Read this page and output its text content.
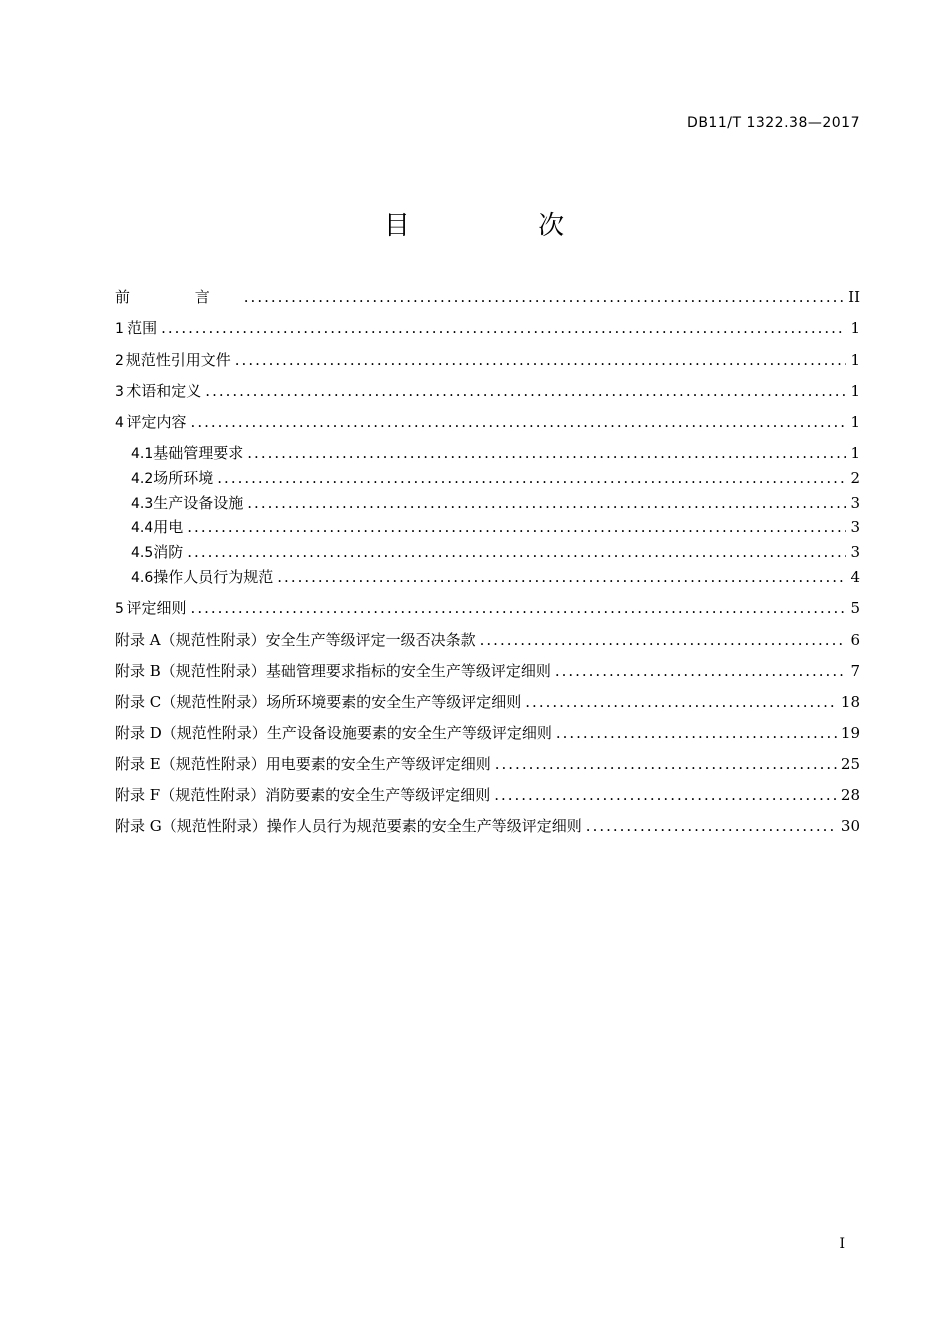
DB11/T 1322.38—2017
目 次
前 言 .....	II
1 范围 .....	1
2 规范性引用文件 .....	1
3 术语和定义 .....	1
4 评定内容 .....	1
4.1 基础管理要求 .....	1
4.2 场所环境 .....	2
4.3 生产设备设施 .....	3
4.4 用电 .....	3
4.5 消防 .....	3
4.6 操作人员行为规范 .....	4
5 评定细则 .....	5
附录 A （规范性附录） 安全生产等级评定一级否决条款 .....	6
附录 B （规范性附录） 基础管理要求指标的安全生产等级评定细则 .....	7
附录 C （规范性附录） 场所环境要素的安全生产等级评定细则 .....	18
附录 D （规范性附录） 生产设备设施要素的安全生产等级评定细则 .....	19
附录 E （规范性附录） 用电要素的安全生产等级评定细则 .....	25
附录 F （规范性附录） 消防要素的安全生产等级评定细则 .....	28
附录 G （规范性附录） 操作人员行为规范要素的安全生产等级评定细则 .....	30
I
